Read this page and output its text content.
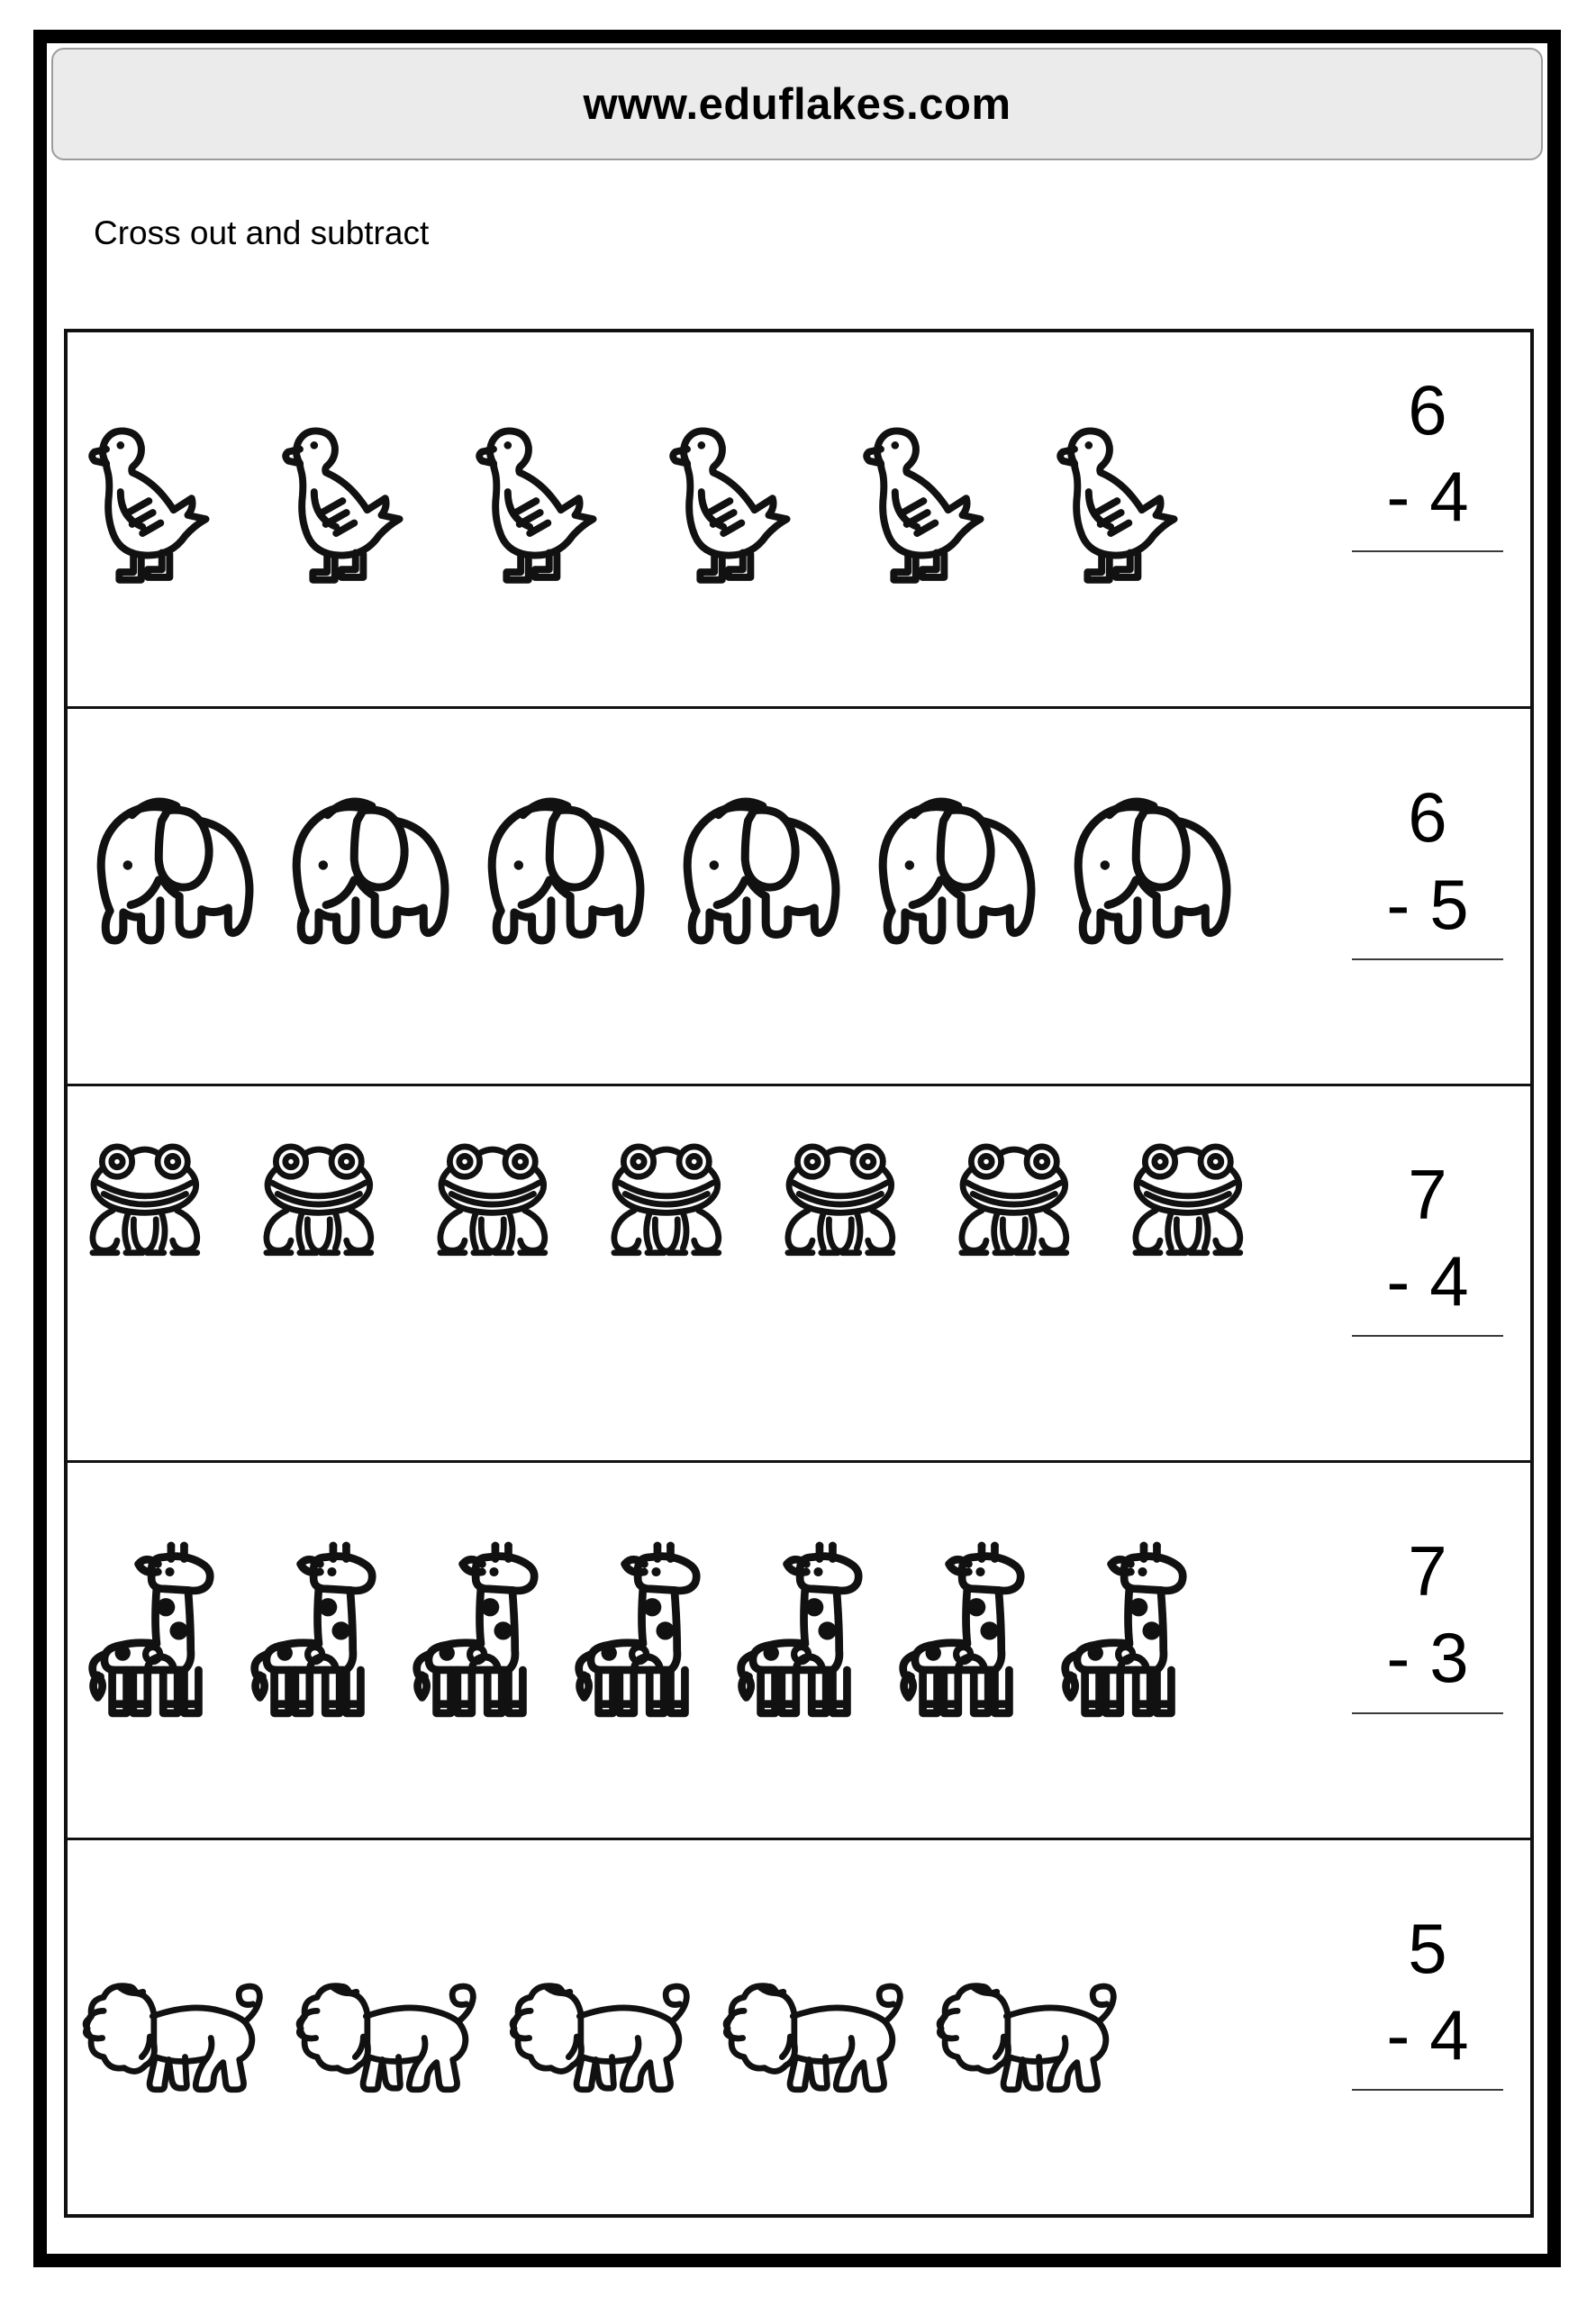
www.eduflakes.com
Cross out and subtract
6
- 4
6
- 5
7
- 4
7
- 3
5
- 4
